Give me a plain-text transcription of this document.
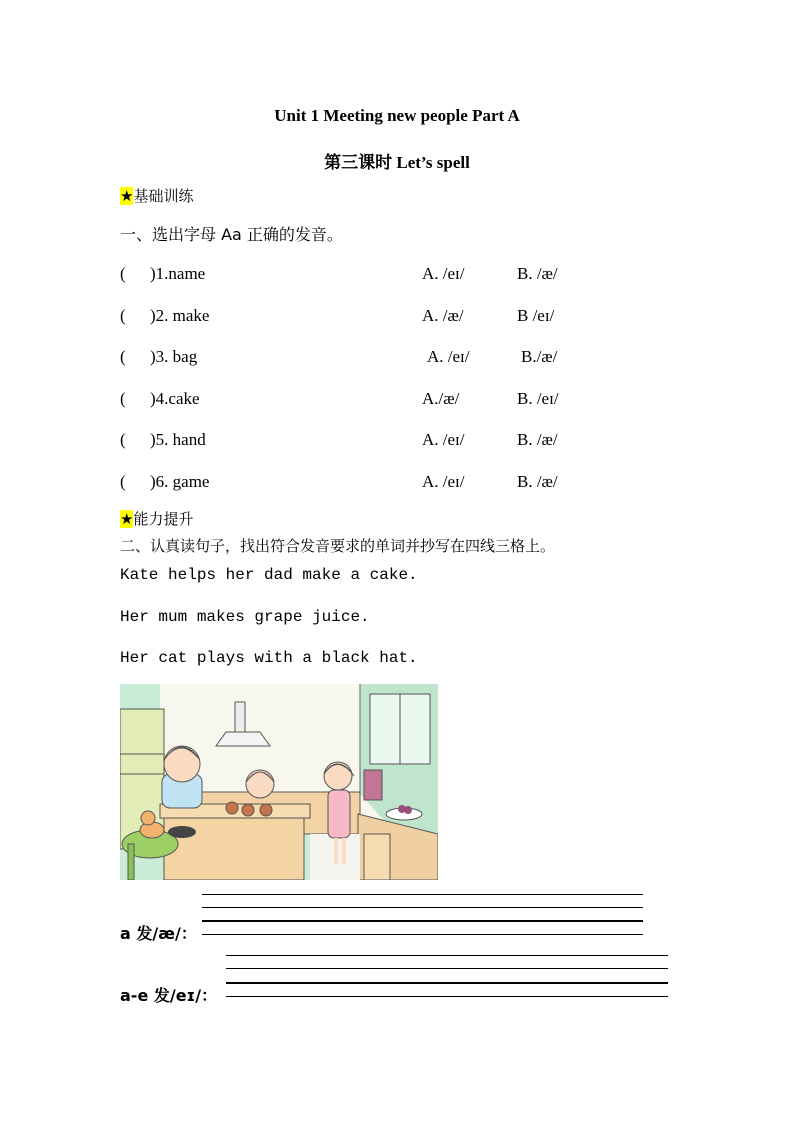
Unit 1 Meeting new people Part A
第三课时 Let’s spell
★基础训练
一、选出字母 Aa 正确的发音。
( )1.name	A. /eɪ/	B. /æ/
( )2. make	A. /æ/	B /eɪ/
( )3. bag	A. /eɪ/	B./æ/
( )4.cake	A./æ/	B. /eɪ/
( )5. hand	A. /eɪ/	B. /æ/
( )6. game	A. /eɪ/	B. /æ/
★能力提升
二、认真读句子，找出符合发音要求的单词并抄写在四线三格上。
Kate helps her dad make a cake.
Her mum makes grape juice.
Her cat plays with a black hat.
a 发/æ/：
a-e 发/eɪ/：
